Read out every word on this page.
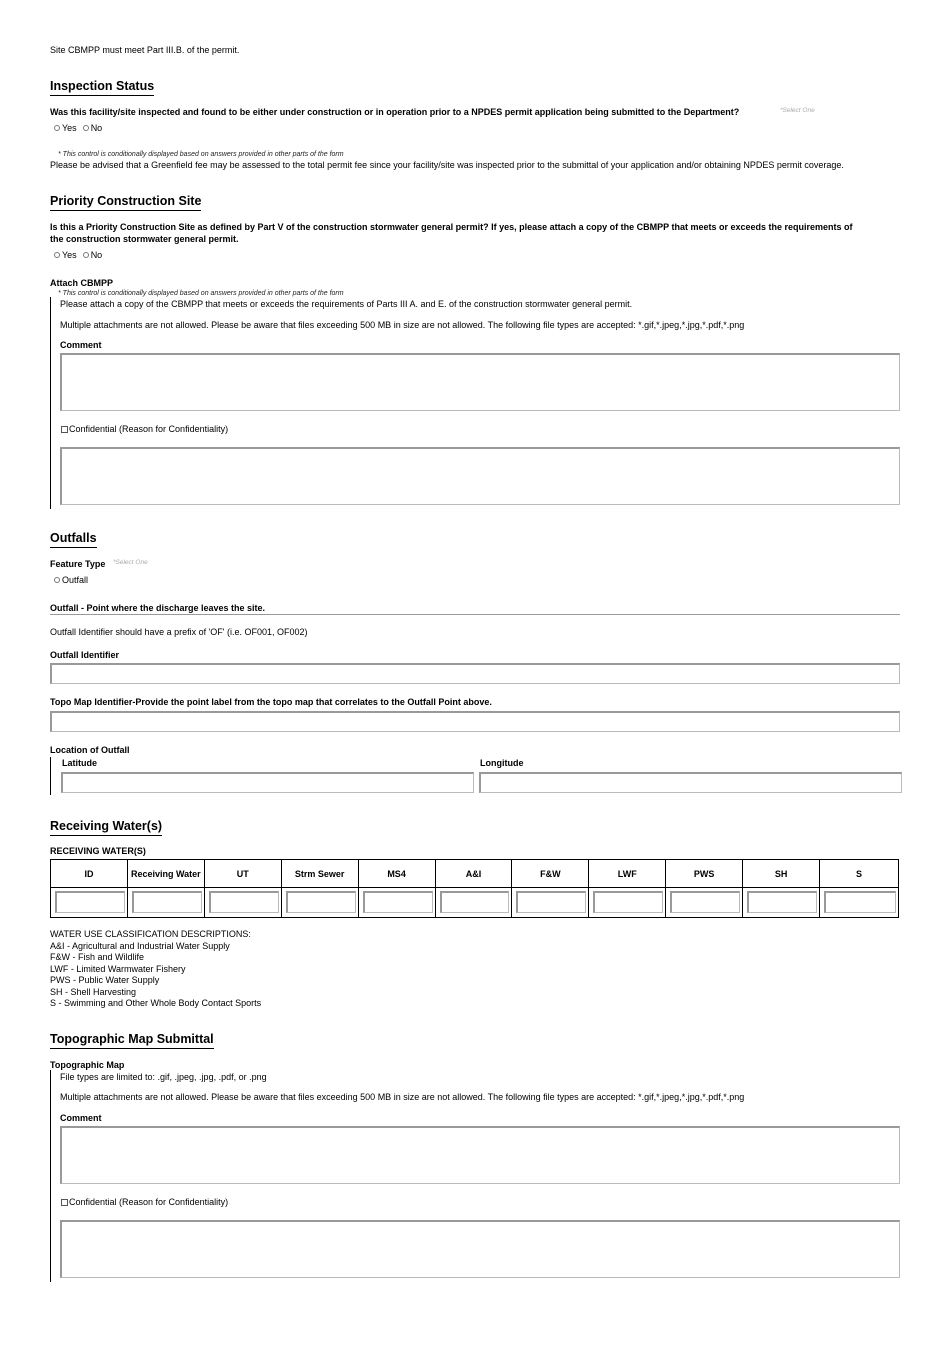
Site CBMPP must meet Part III.B. of the permit.
Inspection Status
Was this facility/site inspected and found to be either under construction or in operation prior to a NPDES permit application being submitted to the Department?	*Select One
Yes No
* This control is conditionally displayed based on answers provided in other parts of the form
Please be advised that a Greenfield fee may be assessed to the total permit fee since your facility/site was inspected prior to the submittal of your application and/or obtaining NPDES permit coverage.
Priority Construction Site
Is this a Priority Construction Site as defined by Part V of the construction stormwater general permit? If yes, please attach a copy of the CBMPP that meets or exceeds the requirements of
the construction stormwater general permit.
Yes No
Attach CBMPP
* This control is conditionally displayed based on answers provided in other parts of the form
Please attach a copy of the CBMPP that meets or exceeds the requirements of Parts III A. and E. of the construction stormwater general permit.
Multiple attachments are not allowed. Please be aware that files exceeding 500 MB in size are not allowed. The following file types are accepted: *.gif,*.jpeg,*.jpg,*.pdf,*.png
Comment
Confidential (Reason for Confidentiality)
Outfalls
Feature Type *Select One
Outfall
Outfall - Point where the discharge leaves the site.
Outfall Identifier should have a prefix of 'OF' (i.e. OF001, OF002)
Outfall Identifier
Topo Map Identifier-Provide the point label from the topo map that correlates to the Outfall Point above.
Location of Outfall
Latitude	Longitude
Receiving Water(s)
RECEIVING WATER(S)
ID	Receiving Water	UT	Strm Sewer	MS4	A&I	F&W	LWF	PWS	SH	S

WATER USE CLASSIFICATION DESCRIPTIONS:
A&I - Agricultural and Industrial Water Supply
F&W - Fish and Wildlife
LWF - Limited Warmwater Fishery
PWS - Public Water Supply
SH - Shell Harvesting
S - Swimming and Other Whole Body Contact Sports
Topographic Map Submittal
Topographic Map
File types are limited to: .gif, .jpeg, .jpg, .pdf, or .png
Multiple attachments are not allowed. Please be aware that files exceeding 500 MB in size are not allowed. The following file types are accepted: *.gif,*.jpeg,*.jpg,*.pdf,*.png
Comment
Confidential (Reason for Confidentiality)
